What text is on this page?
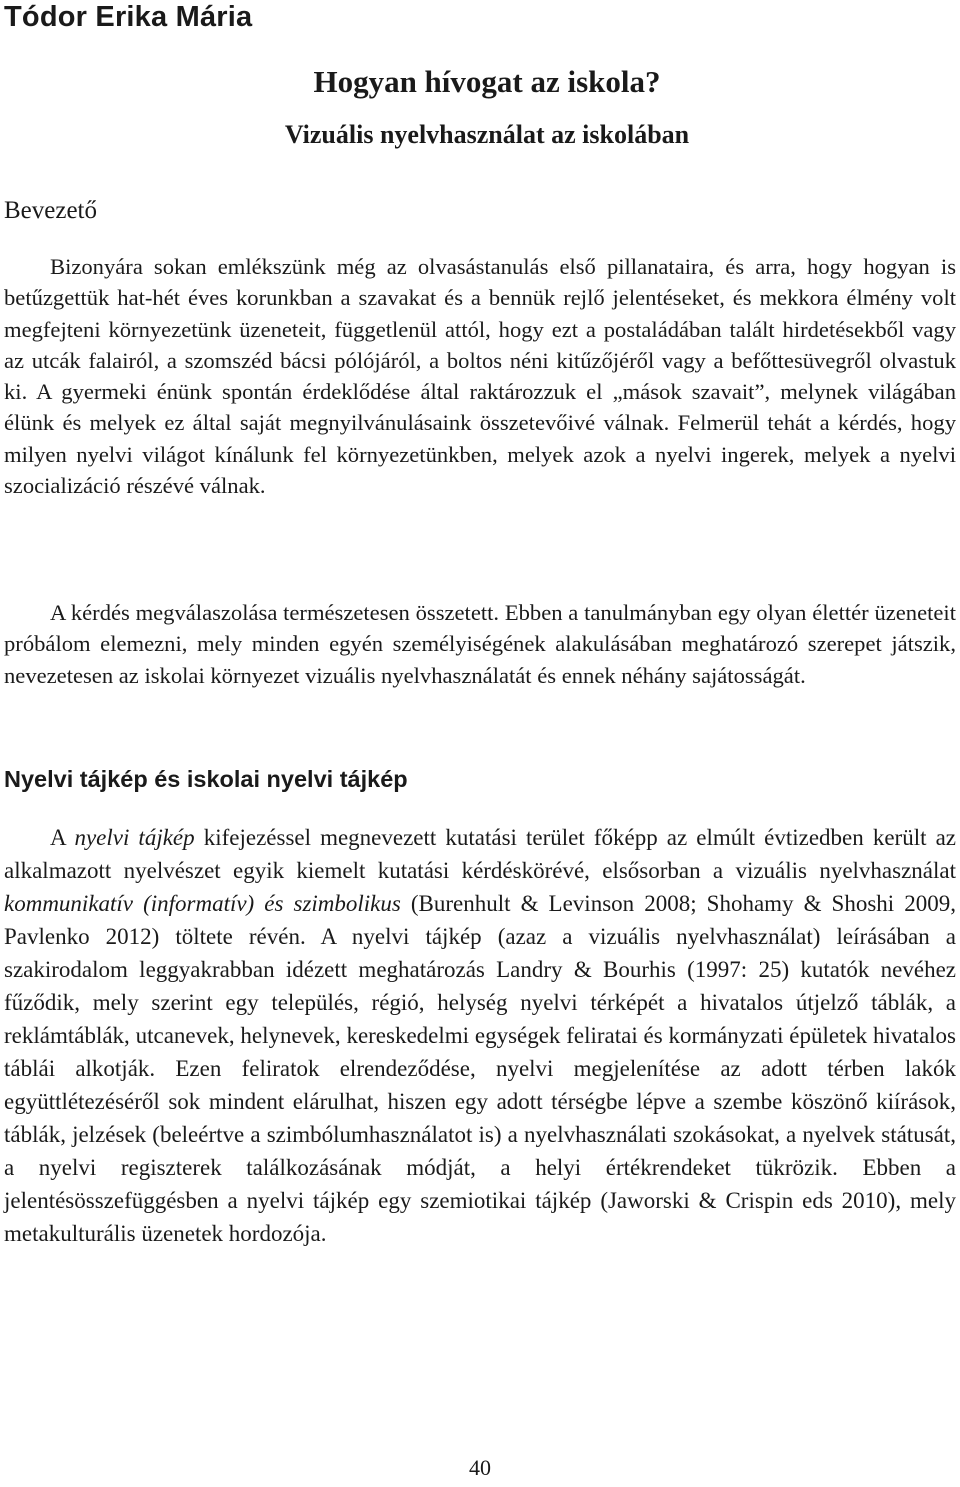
Tódor Erika Mária
Hogyan hívogat az iskola?
Vizuális nyelvhasználat az iskolában
Bevezető

Bizonyára sokan emlékszünk még az olvasástanulás első pillanataira, és arra, hogy hogyan is betűzgettük hat-hét éves korunkban a szavakat és a bennük rejlő jelentéseket, és mekkora élmény volt megfejteni környezetünk üzeneteit, függetlenül attól, hogy ezt a postaládában talált hirdetésekből vagy az utcák falairól, a szomszéd bácsi pólójáról, a boltos néni kitűzőjéről vagy a befőttesüvegről olvastuk ki. A gyermeki énünk spontán érdeklődése által raktározzuk el „mások szavait”, melynek világában élünk és melyek ez által saját megnyilvánulásaink összetevőivé válnak. Felmerül tehát a kérdés, hogy milyen nyelvi világot kínálunk fel környezetünkben, melyek azok a nyelvi ingerek, melyek a nyelvi szocializáció részévé válnak.

A kérdés megválaszolása természetesen összetett. Ebben a tanulmányban egy olyan élettér üzeneteit próbálom elemezni, mely minden egyén személyiségének alakulásában meghatározó szerepet játszik, nevezetesen az iskolai környezet vizuális nyelvhasználatát és ennek néhány sajátosságát.

Nyelvi tájkép és iskolai nyelvi tájkép

A nyelvi tájkép kifejezéssel megnevezett kutatási terület főképp az elmúlt évtizedben került az alkalmazott nyelvészet egyik kiemelt kutatási kérdéskörévé, elsősorban a vizuális nyelvhasználat kommunikatív (informatív) és szimbolikus (Burenhult & Levinson 2008; Shohamy & Shoshi 2009, Pavlenko 2012) töltete révén. A nyelvi tájkép (azaz a vizuális nyelvhasználat) leírásában a szakirodalom leggyakrabban idézett meghatározás Landry & Bourhis (1997: 25) kutatók nevéhez fűződik, mely szerint egy település, régió, helység nyelvi térképét a hivatalos útjelző táblák, a reklámtáblák, utcanevek, helynevek, kereskedelmi egységek feliratai és kormányzati épületek hivatalos táblái alkotják. Ezen feliratok elrendeződése, nyelvi megjelenítése az adott térben lakók együttlétezéséről sok mindent elárulhat, hiszen egy adott térségbe lépve a szembe köszönő kiírások, táblák, jelzések (beleértve a szimbólumhasználatot is) a nyelvhasználati szokásokat, a nyelvek státusát, a nyelvi regiszterek találkozásának módját, a helyi értékrendeket tükrözik. Ebben a jelentésösszefüggésben a nyelvi tájkép egy szemiotikai tájkép (Jaworski & Crispin eds 2010), mely metakulturális üzenetek hordozója.

40
